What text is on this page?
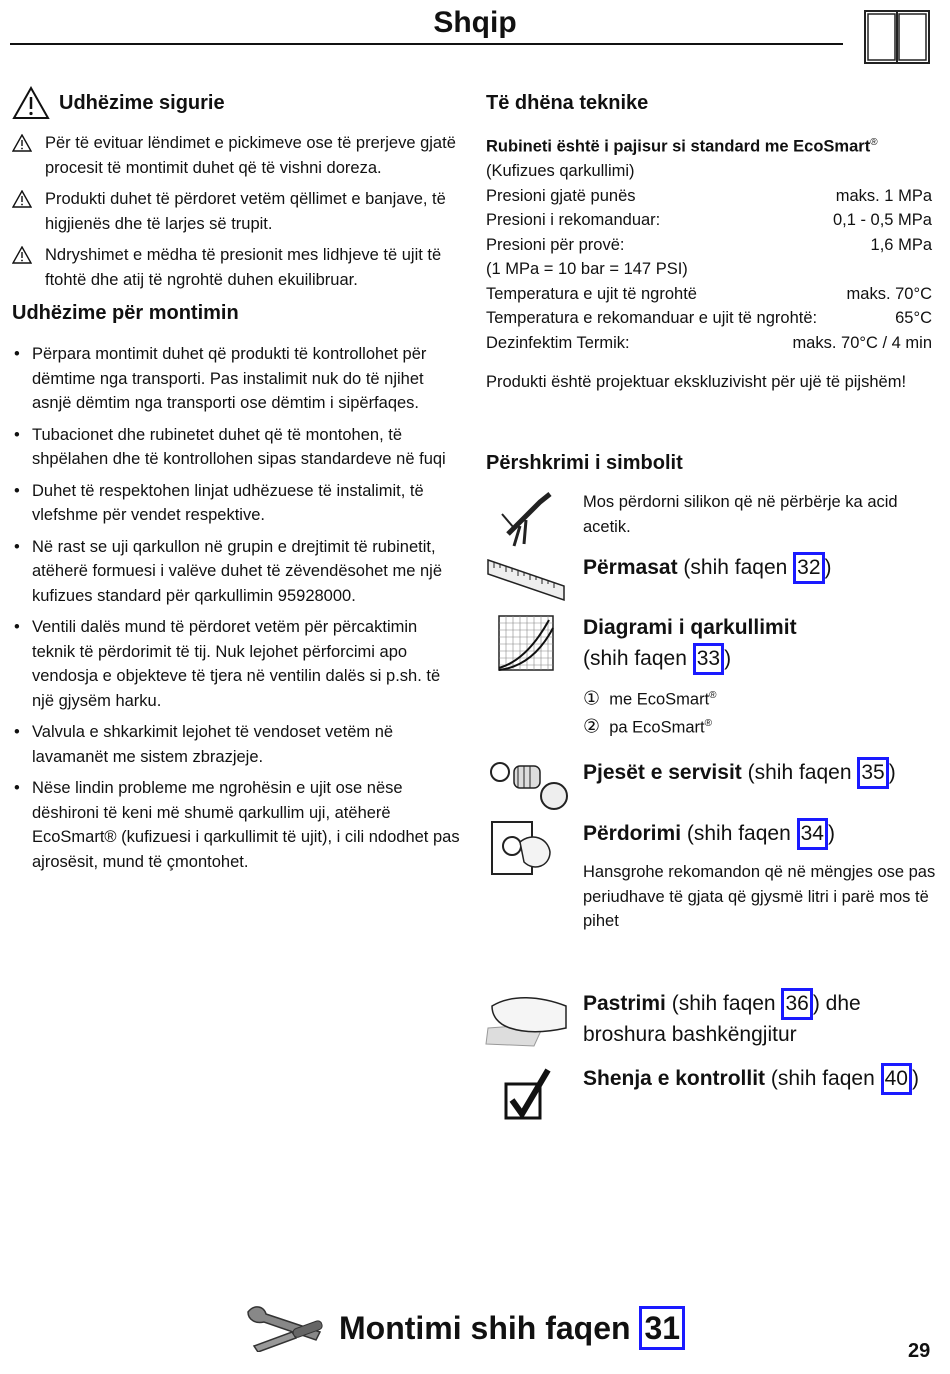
Shqip
Udhëzime sigurie
Për të evituar lëndimet e pickimeve ose të prerjeve gjatë procesit të montimit duhet që të vishni doreza.
Produkti duhet të përdoret vetëm qëllimet e banjave, të higjienës dhe të larjes së trupit.
Ndryshimet e mëdha të presionit mes lidhjeve të ujit të ftohtë dhe atij të ngrohtë duhen ekuilibruar.
Udhëzime për montimin
• Përpara montimit duhet që produkti të kontrollohet për dëmtime nga transporti. Pas instalimit nuk do të njihet asnjë dëmtim nga transporti ose dëmtim i sipërfaqes.
• Tubacionet dhe rubinetet duhet që të montohen, të shpëlahen dhe të kontrollohen sipas standardeve në fuqi
• Duhet të respektohen linjat udhëzuese të instalimit, të vlefshme për vendet respektive.
• Në rast se uji qarkullon në grupin e drejtimit të rubinetit, atëherë formuesi i valëve duhet të zëvendësohet me një kufizues standard për qarkullimin 95928000.
• Ventili dalës mund të përdoret vetëm për përcaktimin teknik të përdorimit të tij. Nuk lejohet përforcimi apo vendosja e objekteve të tjera në ventilin dalës si p.sh. të një gjysëm harku.
• Valvula e shkarkimit lejohet të vendoset vetëm në lavamanët me sistem zbrazjeje.
• Nëse lindin probleme me ngrohësin e ujit ose nëse dëshironi të keni më shumë qarkullim uji, atëherë EcoSmart® (kufizuesi i qarkullimit të ujit), i cili ndodhet pas ajrosësit, mund të çmontohet.
Të dhëna teknike
Rubineti është i pajisur si standard me EcoSmart® (Kufizues qarkullimi)
Presioni gjatë punës	maks. 1 MPa
Presioni i rekomanduar:	0,1 - 0,5 MPa
Presioni për provë:	1,6 MPa
(1 MPa = 10 bar = 147 PSI)
Temperatura e ujit të ngrohtë	maks. 70°C
Temperatura e rekomanduar e ujit të ngrohtë:	65°C
Dezinfektim Termik:	maks. 70°C / 4 min
Produkti është projektuar ekskluzivisht për ujë të pijshëm!
Përshkrimi i simbolit
Mos përdorni silikon që në përbërje ka acid acetik.
Përmasat (shih faqen 32 )
Diagrami i qarkullimit
(shih faqen 33 )
① me EcoSmart®
② pa EcoSmart®
Pjesët e servisit (shih faqen 35 )
Përdorimi (shih faqen 34 )
Hansgrohe rekomandon që në mëngjes ose pas periudhave të gjata që gjysmë litri i parë mos të pihet
Pastrimi (shih faqen 36 ) dhe
broshura bashkëngjitur
Shenja e kontrollit (shih faqen 40 )
Montimi shih faqen 31
29
